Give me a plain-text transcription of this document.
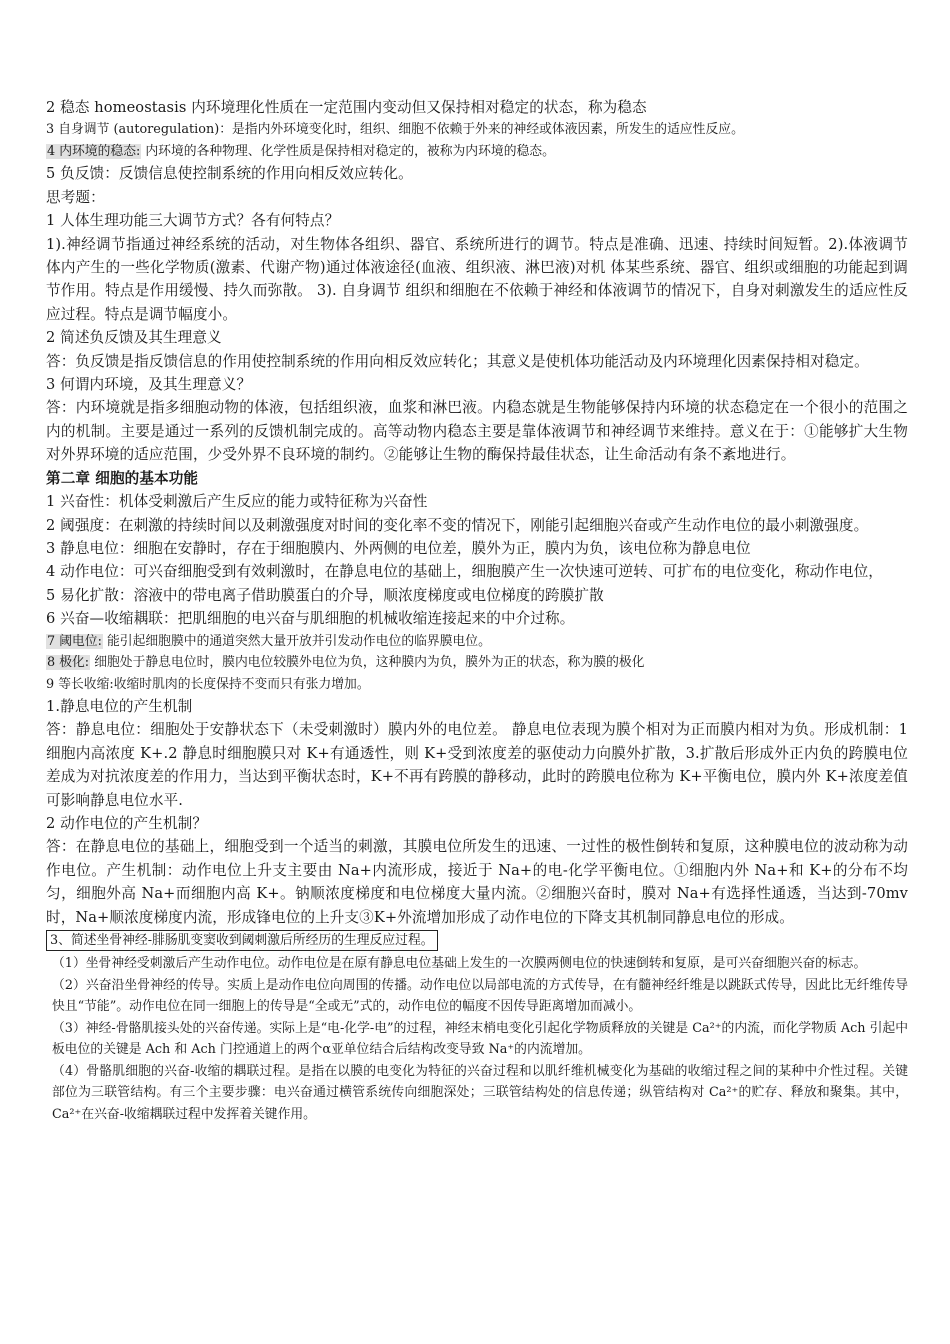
2 稳态 homeostasis 内环境理化性质在一定范围内变动但又保持相对稳定的状态，称为稳态

3 自身调节 (autoregulation)：是指内外环境变化时，组织、细胞不依赖于外来的神经或体液因素，所发生的适应性反应。

4 内环境的稳态: 内环境的各种物理、化学性质是保持相对稳定的，被称为内环境的稳态。

5 负反馈：反馈信息使控制系统的作用向相反效应转化。

思考题：

1 人体生理功能三大调节方式？各有何特点？

1).神经调节指通过神经系统的活动，对生物体各组织、器官、系统所进行的调节。特点是准确、迅速、持续时间短暂。2).体液调节 体内产生的一些化学物质(激素、代谢产物)通过体液途径(血液、组织液、淋巴液)对机 体某些系统、器官、组织或细胞的功能起到调节作用。特点是作用缓慢、持久而弥散。 3). 自身调节 组织和细胞在不依赖于神经和体液调节的情况下，自身对刺激发生的适应性反应过程。特点是调节幅度小。

2 简述负反馈及其生理意义

答：负反馈是指反馈信息的作用使控制系统的作用向相反效应转化；其意义是使机体功能活动及内环境理化因素保持相对稳定。

3 何谓内环境，及其生理意义？

答：内环境就是指多细胞动物的体液，包括组织液，血浆和淋巴液。内稳态就是生物能够保持内环境的状态稳定在一个很小的范围之内的机制。主要是通过一系列的反馈机制完成的。高等动物内稳态主要是靠体液调节和神经调节来维持。意义在于：①能够扩大生物对外界环境的适应范围，少受外界不良环境的制约。②能够让生物的酶保持最佳状态，让生命活动有条不紊地进行。

第二章 细胞的基本功能

1 兴奋性：机体受刺激后产生反应的能力或特征称为兴奋性

2 阈强度：在刺激的持续时间以及刺激强度对时间的变化率不变的情况下，刚能引起细胞兴奋或产生动作电位的最小刺激强度。

3 静息电位：细胞在安静时，存在于细胞膜内、外两侧的电位差，膜外为正，膜内为负，该电位称为静息电位

4 动作电位：可兴奋细胞受到有效刺激时，在静息电位的基础上，细胞膜产生一次快速可逆转、可扩布的电位变化，称动作电位，

5 易化扩散：溶液中的带电离子借助膜蛋白的介导，顺浓度梯度或电位梯度的跨膜扩散

6 兴奋—收缩耦联：把肌细胞的电兴奋与肌细胞的机械收缩连接起来的中介过称。

7 阈电位: 能引起细胞膜中的通道突然大量开放并引发动作电位的临界膜电位。

8 极化: 细胞处于静息电位时，膜内电位较膜外电位为负，这种膜内为负，膜外为正的状态，称为膜的极化

9 等长收缩:收缩时肌肉的长度保持不变而只有张力增加。

1.静息电位的产生机制

答：静息电位：细胞处于安静状态下（未受刺激时）膜内外的电位差。 静息电位表现为膜个相对为正而膜内相对为负。形成机制：1 细胞内高浓度 K+.2 静息时细胞膜只对 K+有通透性，则 K+受到浓度差的驱使动力向膜外扩散，3.扩散后形成外正内负的跨膜电位差成为对抗浓度差的作用力，当达到平衡状态时，K+不再有跨膜的静移动，此时的跨膜电位称为 K+平衡电位，膜内外 K+浓度差值可影响静息电位水平.

2 动作电位的产生机制？

答：在静息电位的基础上，细胞受到一个适当的刺激，其膜电位所发生的迅速、一过性的极性倒转和复原，这种膜电位的波动称为动作电位。产生机制：动作电位上升支主要由 Na+内流形成，接近于 Na+的电-化学平衡电位。①细胞内外 Na+和 K+的分布不均匀，细胞外高 Na+而细胞内高 K+。钠顺浓度梯度和电位梯度大量内流。②细胞兴奋时，膜对 Na+有选择性通透，当达到-70mv 时，Na+顺浓度梯度内流，形成锋电位的上升支③K+外流增加形成了动作电位的下降支其机制同静息电位的形成。

3、简述坐骨神经-腓肠肌变窦收到阈刺激后所经历的生理反应过程。

（1）坐骨神经受刺激后产生动作电位。动作电位是在原有静息电位基础上发生的一次膜两侧电位的快速倒转和复原，是可兴奋细胞兴奋的标志。

（2）兴奋沿坐骨神经的传导。实质上是动作电位向周围的传播。动作电位以局部电流的方式传导，在有髓神经纤维是以跳跃式传导，因此比无纤维传导快且“节能”。动作电位在同一细胞上的传导是“全或无”式的，动作电位的幅度不因传导距离增加而减小。

（3）神经-骨骼肌接头处的兴奋传递。实际上是“电-化学-电”的过程，神经末梢电变化引起化学物质释放的关键是 Ca²⁺的内流，而化学物质 Ach 引起中板电位的关键是 Ach 和 Ach 门控通道上的两个α亚单位结合后结构改变导致 Na⁺的内流增加。

（4）骨骼肌细胞的兴奋-收缩的耦联过程。是指在以膜的电变化为特征的兴奋过程和以肌纤维机械变化为基础的收缩过程之间的某种中介性过程。关键部位为三联管结构。有三个主要步骤：电兴奋通过横管系统传向细胞深处；三联管结构处的信息传递；纵管结构对 Ca²⁺的贮存、释放和聚集。其中，Ca²⁺在兴奋-收缩耦联过程中发挥着关键作用。
